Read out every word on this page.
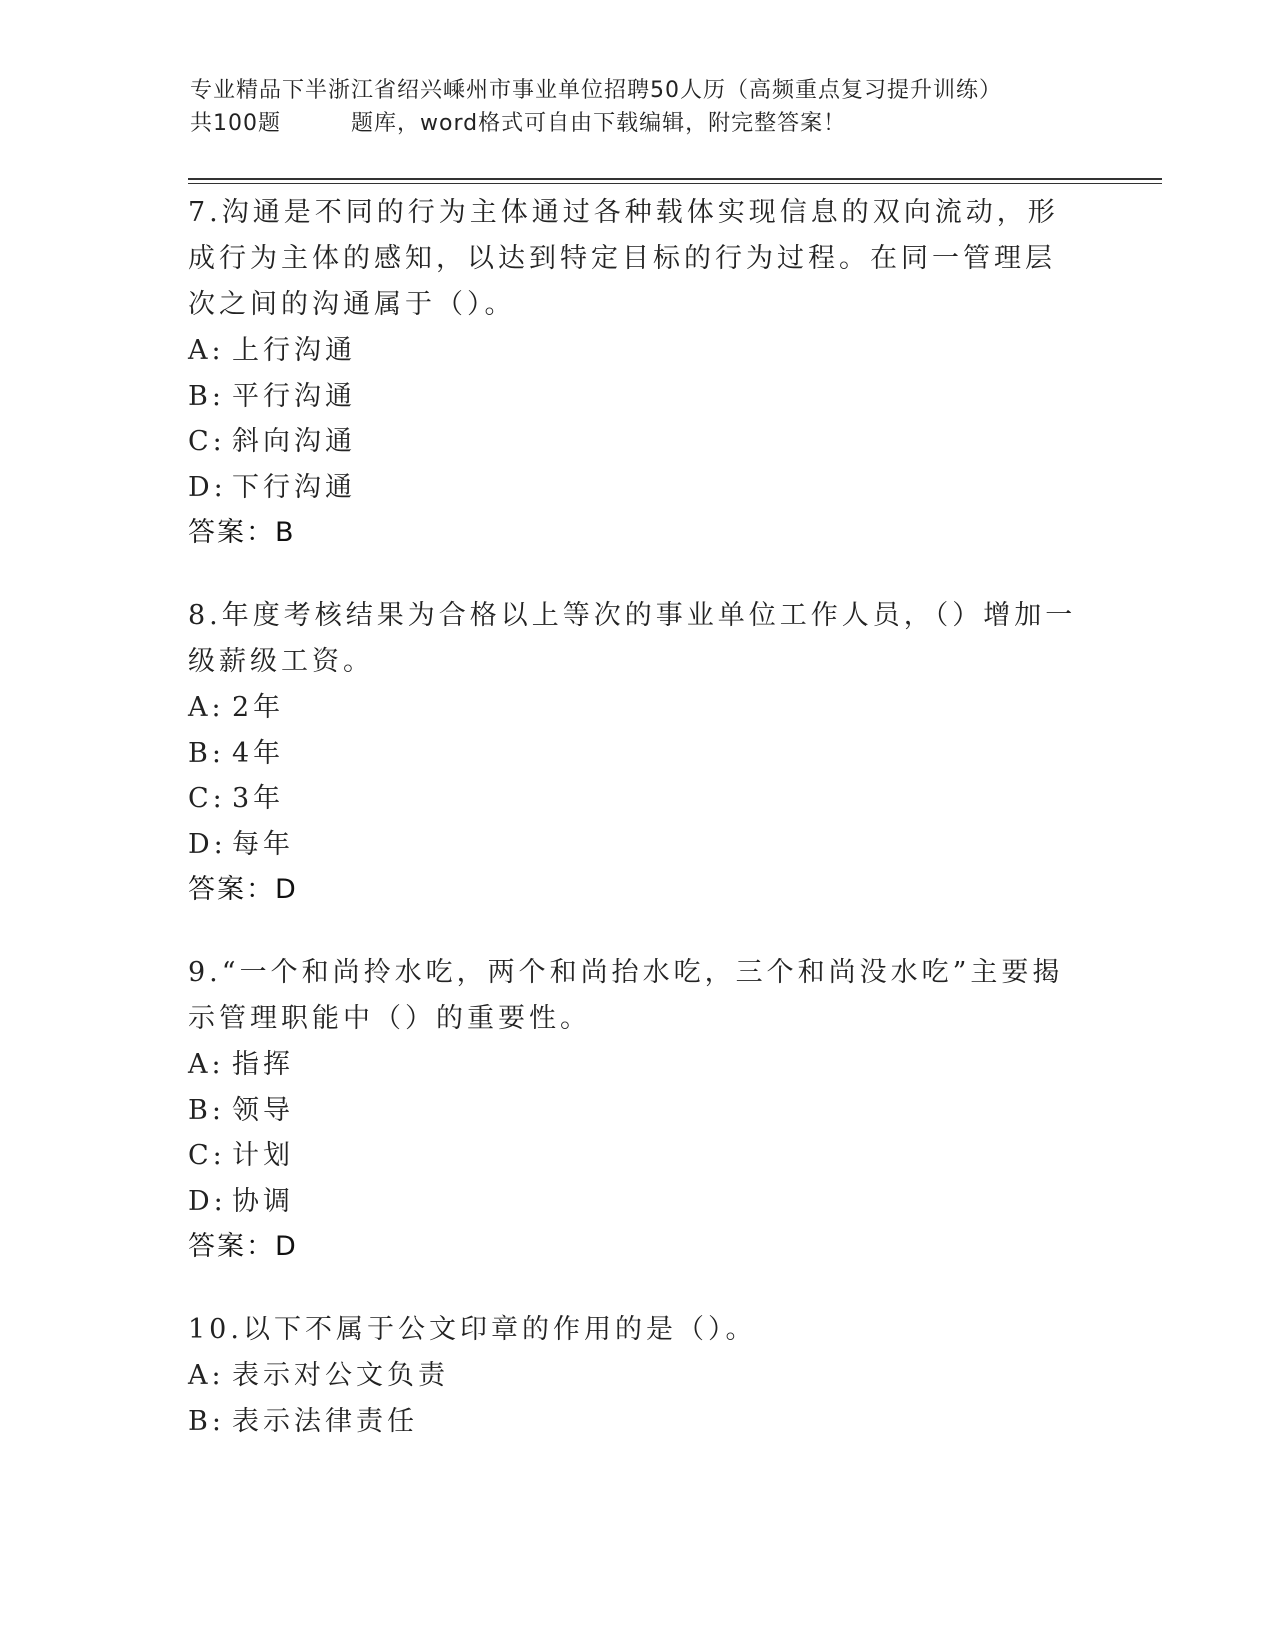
专业精品下半浙江省绍兴嵊州市事业单位招聘50人历（高频重点复习提升训练）
共100题	题库，word格式可自由下载编辑，附完整答案！

7.沟通是不同的行为主体通过各种载体实现信息的双向流动，形成行为主体的感知，以达到特定目标的行为过程。在同一管理层次之间的沟通属于（）。

A: 上行沟通
B: 平行沟通
C: 斜向沟通
D: 下行沟通
答案：B

8.年度考核结果为合格以上等次的事业单位工作人员，（）增加一级薪级工资。

A: 2年
B: 4年
C: 3年
D: 每年
答案：D

9.“一个和尚拎水吃，两个和尚抬水吃，三个和尚没水吃”主要揭示管理职能中（）的重要性。

A: 指挥
B: 领导
C: 计划
D: 协调
答案：D

10.以下不属于公文印章的作用的是（）。

A: 表示对公文负责
B: 表示法律责任
